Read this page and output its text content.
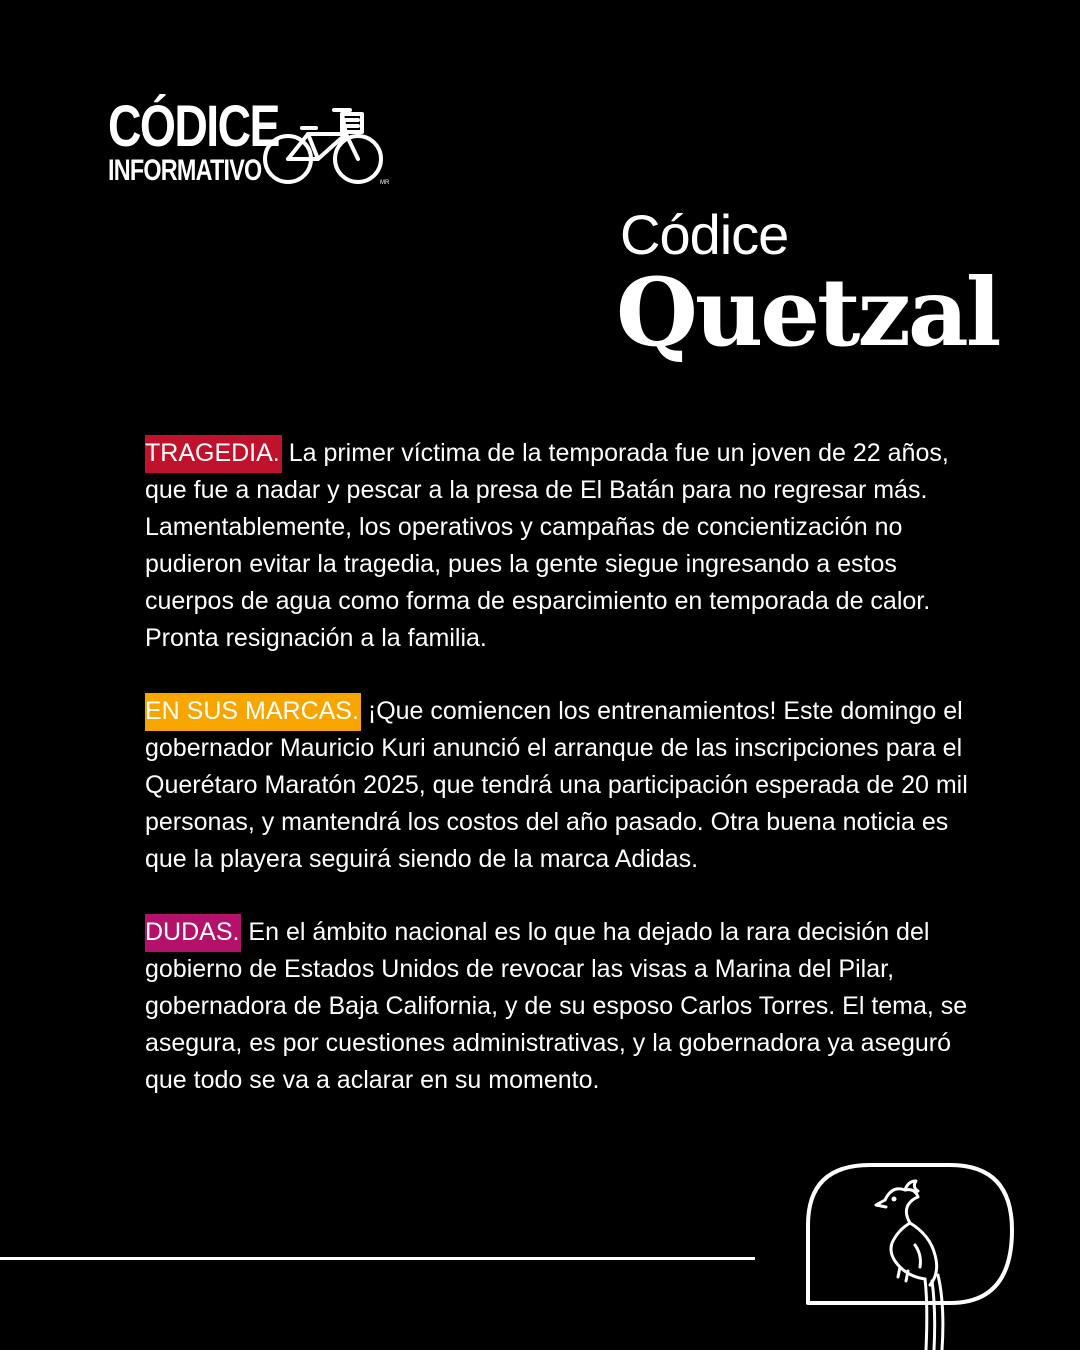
CÓDICE
INFORMATIVO	MR
Códice
Quetzal

TRAGEDIA. La primer víctima de la temporada fue un joven de 22 años, que fue a nadar y pescar a la presa de El Batán para no regresar más. Lamentablemente, los operativos y campañas de concientización no pudieron evitar la tragedia, pues la gente siegue ingresando a estos cuerpos de agua como forma de esparcimiento en temporada de calor. Pronta resignación a la familia.

EN SUS MARCAS. ¡Que comiencen los entrenamientos! Este domingo el gobernador Mauricio Kuri anunció el arranque de las inscripciones para el Querétaro Maratón 2025, que tendrá una participación esperada de 20 mil personas, y mantendrá los costos del año pasado. Otra buena noticia es que la playera seguirá siendo de la marca Adidas.

DUDAS. En el ámbito nacional es lo que ha dejado la rara decisión del gobierno de Estados Unidos de revocar las visas a Marina del Pilar, gobernadora de Baja California, y de su esposo Carlos Torres. El tema, se asegura, es por cuestiones administrativas, y la gobernadora ya aseguró que todo se va a aclarar en su momento.
